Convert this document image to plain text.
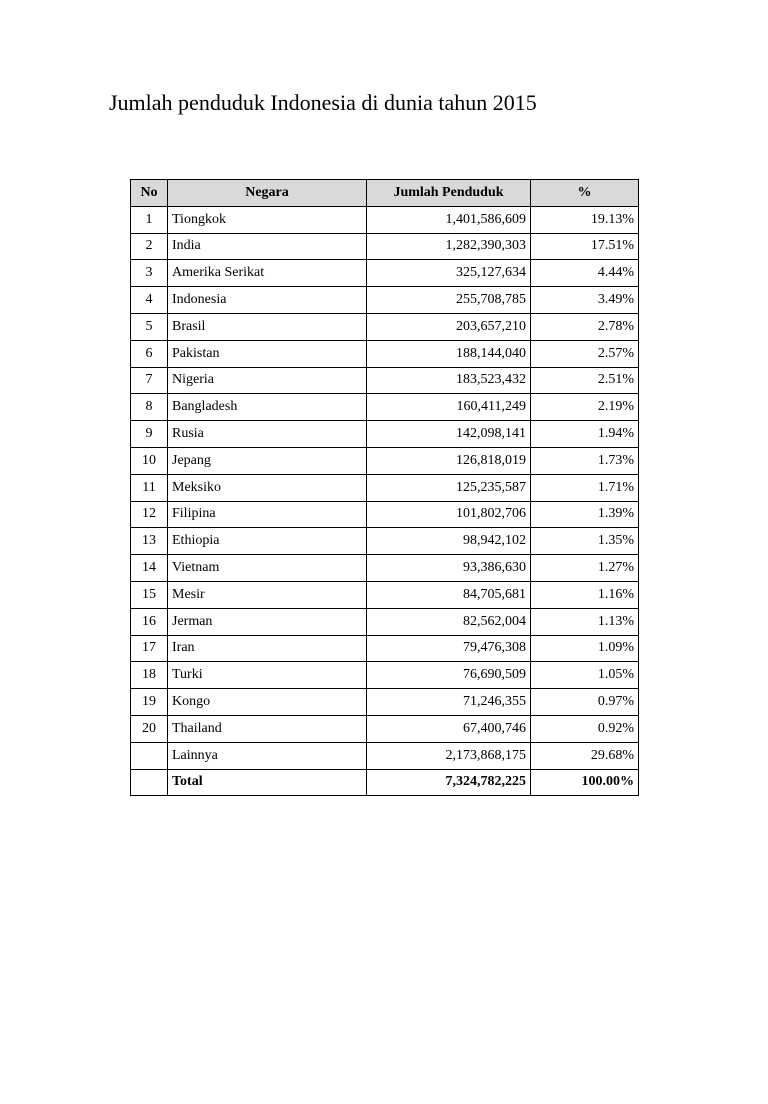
Jumlah penduduk Indonesia di dunia tahun 2015
No	Negara	Jumlah Penduduk	%
1	Tiongkok	1,401,586,609	19.13%
2	India	1,282,390,303	17.51%
3	Amerika Serikat	325,127,634	4.44%
4	Indonesia	255,708,785	3.49%
5	Brasil	203,657,210	2.78%
6	Pakistan	188,144,040	2.57%
7	Nigeria	183,523,432	2.51%
8	Bangladesh	160,411,249	2.19%
9	Rusia	142,098,141	1.94%
10	Jepang	126,818,019	1.73%
11	Meksiko	125,235,587	1.71%
12	Filipina	101,802,706	1.39%
13	Ethiopia	98,942,102	1.35%
14	Vietnam	93,386,630	1.27%
15	Mesir	84,705,681	1.16%
16	Jerman	82,562,004	1.13%
17	Iran	79,476,308	1.09%
18	Turki	76,690,509	1.05%
19	Kongo	71,246,355	0.97%
20	Thailand	67,400,746	0.92%
	Lainnya	2,173,868,175	29.68%
	Total	7,324,782,225	100.00%
